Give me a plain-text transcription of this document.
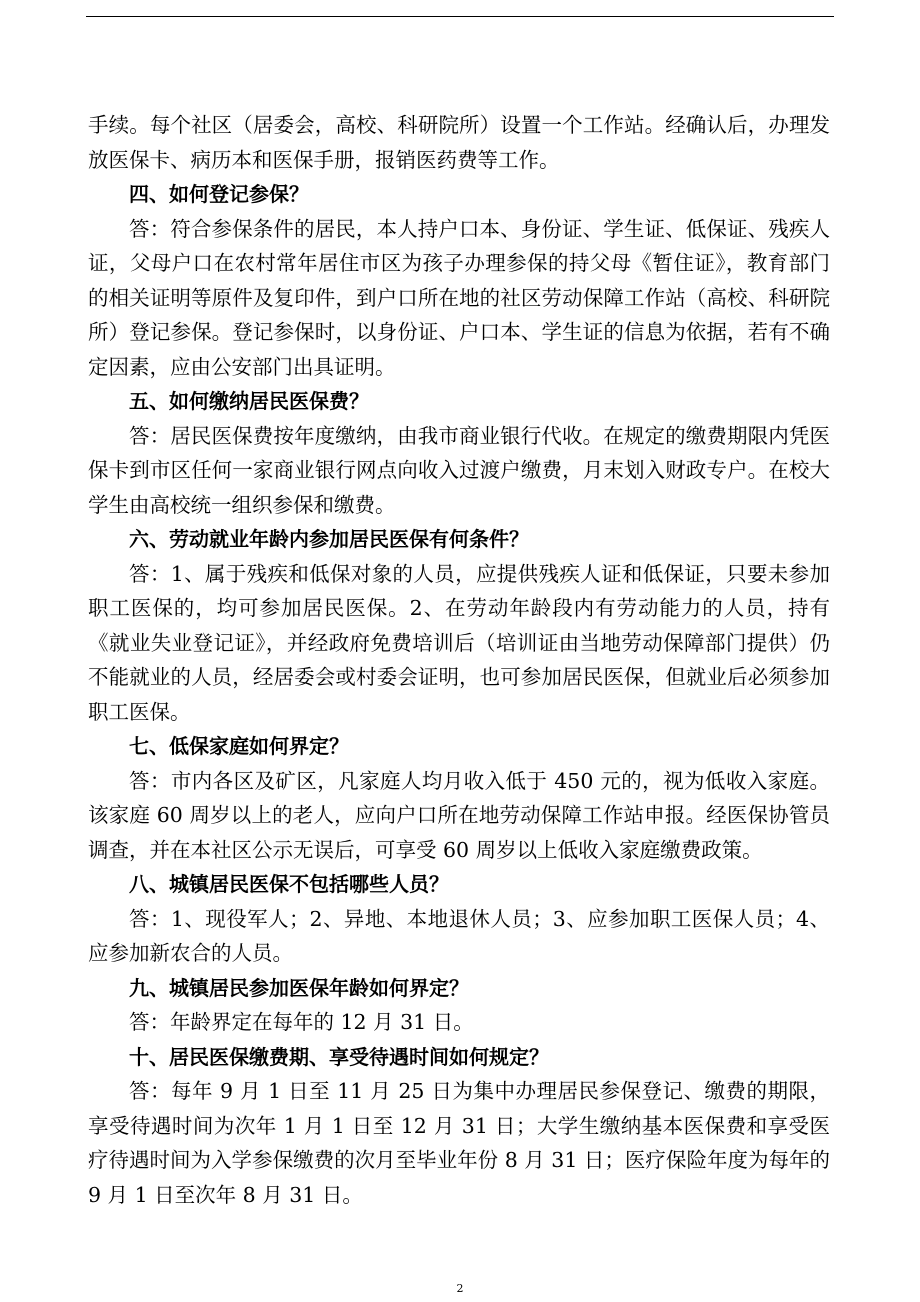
手续。每个社区（居委会，高校、科研院所）设置一个工作站。经确认后，办理发放医保卡、病历本和医保手册，报销医药费等工作。

四、如何登记参保？

答：符合参保条件的居民，本人持户口本、身份证、学生证、低保证、残疾人证，父母户口在农村常年居住市区为孩子办理参保的持父母《暂住证》，教育部门的相关证明等原件及复印件，到户口所在地的社区劳动保障工作站（高校、科研院所）登记参保。登记参保时，以身份证、户口本、学生证的信息为依据，若有不确定因素，应由公安部门出具证明。

五、如何缴纳居民医保费？

答：居民医保费按年度缴纳，由我市商业银行代收。在规定的缴费期限内凭医保卡到市区任何一家商业银行网点向收入过渡户缴费，月末划入财政专户。在校大学生由高校统一组织参保和缴费。

六、劳动就业年龄内参加居民医保有何条件？

答：1、属于残疾和低保对象的人员，应提供残疾人证和低保证，只要未参加职工医保的，均可参加居民医保。2、在劳动年龄段内有劳动能力的人员，持有《就业失业登记证》，并经政府免费培训后（培训证由当地劳动保障部门提供）仍不能就业的人员，经居委会或村委会证明，也可参加居民医保，但就业后必须参加职工医保。

七、低保家庭如何界定？

答：市内各区及矿区，凡家庭人均月收入低于 450 元的，视为低收入家庭。该家庭 60 周岁以上的老人，应向户口所在地劳动保障工作站申报。经医保协管员调查，并在本社区公示无误后，可享受 60 周岁以上低收入家庭缴费政策。

八、城镇居民医保不包括哪些人员？

答：1、现役军人；2、异地、本地退休人员；3、应参加职工医保人员；4、应参加新农合的人员。

九、城镇居民参加医保年龄如何界定？

答：年龄界定在每年的 12 月 31 日。

十、居民医保缴费期、享受待遇时间如何规定？

答：每年 9 月 1 日至 11 月 25 日为集中办理居民参保登记、缴费的期限，享受待遇时间为次年 1 月 1 日至 12 月 31 日；大学生缴纳基本医保费和享受医疗待遇时间为入学参保缴费的次月至毕业年份 8 月 31 日；医疗保险年度为每年的 9 月 1 日至次年 8 月 31 日。

2
